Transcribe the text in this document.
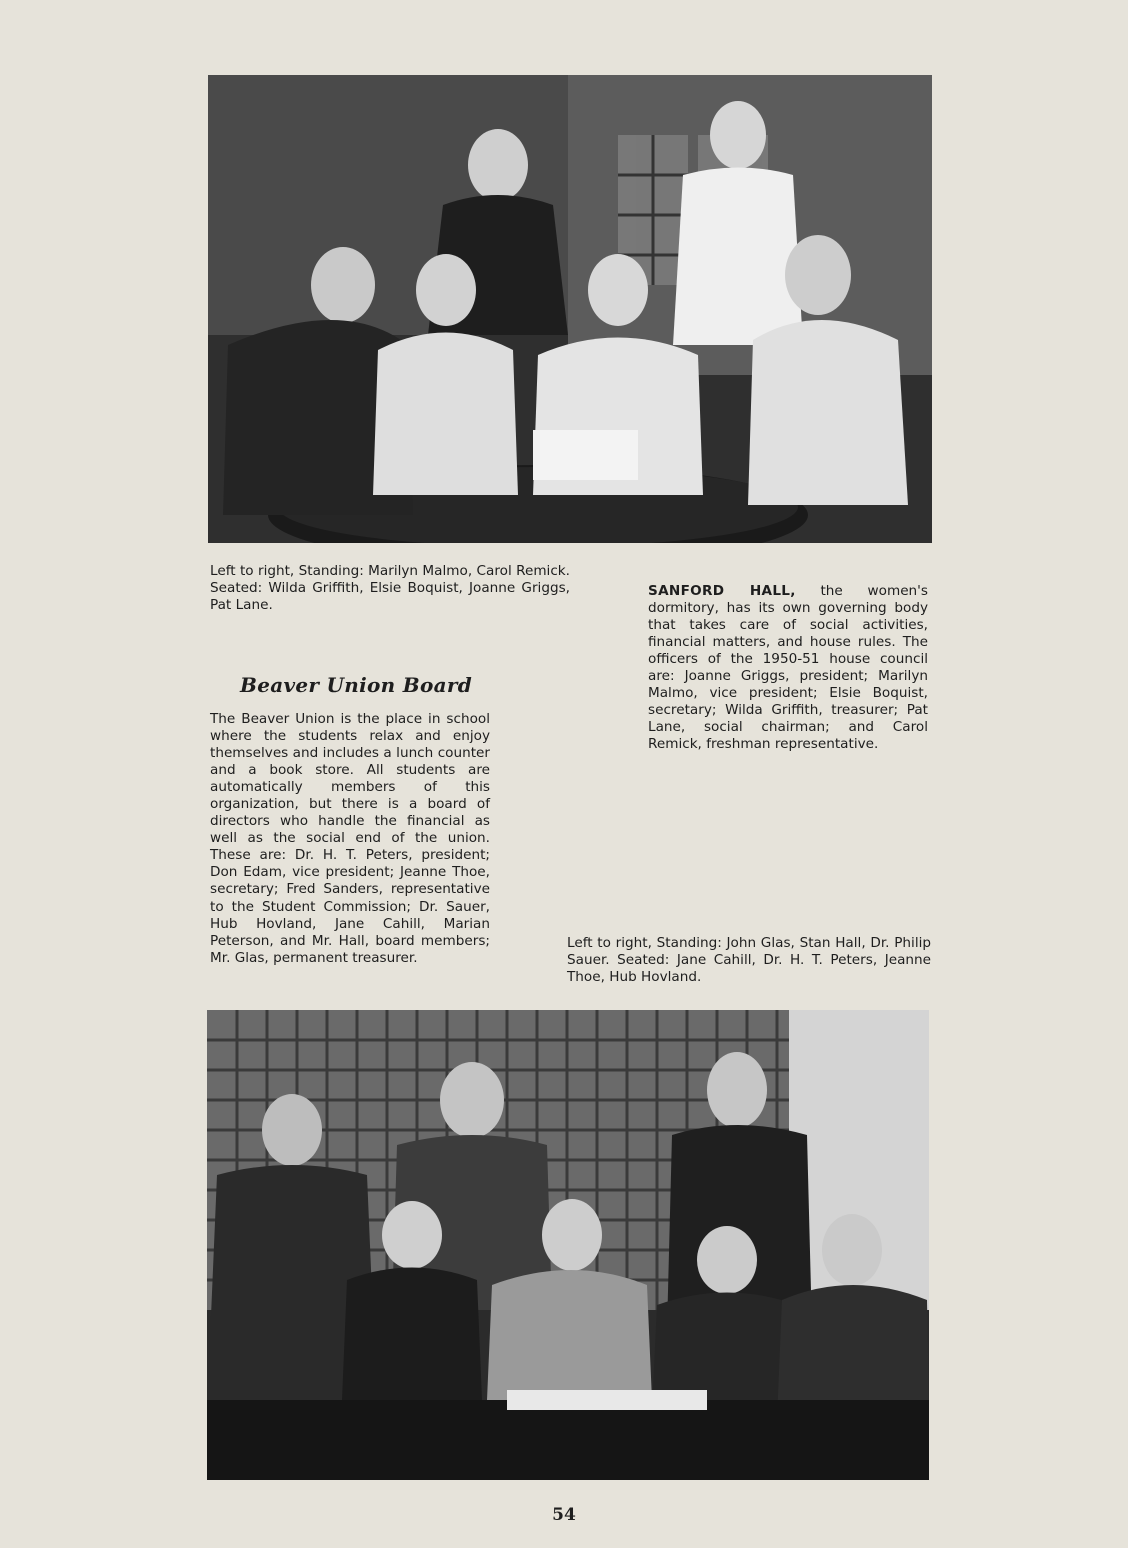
Left to right, Standing: Marilyn Malmo, Carol Remick. Seated: Wilda Griffith, Elsie Boquist, Joanne Griggs, Pat Lane.

Beaver Union Board

The Beaver Union is the place in school where the students relax and enjoy themselves and includes a lunch counter and a book store. All students are automatically members of this organization, but there is a board of directors who handle the financial as well as the social end of the union. These are: Dr. H. T. Peters, president; Don Edam, vice president; Jeanne Thoe, secretary; Fred Sanders, representative to the Student Commission; Dr. Sauer, Hub Hovland, Jane Cahill, Marian Peterson, and Mr. Hall, board members; Mr. Glas, permanent treasurer.

SANFORD HALL, the women's dormitory, has its own governing body that takes care of social activities, financial matters, and house rules. The officers of the 1950-51 house council are: Joanne Griggs, president; Marilyn Malmo, vice president; Elsie Boquist, secretary; Wilda Griffith, treasurer; Pat Lane, social chairman; and Carol Remick, freshman representative.

Left to right, Standing: John Glas, Stan Hall, Dr. Philip Sauer. Seated: Jane Cahill, Dr. H. T. Peters, Jeanne Thoe, Hub Hovland.

54
